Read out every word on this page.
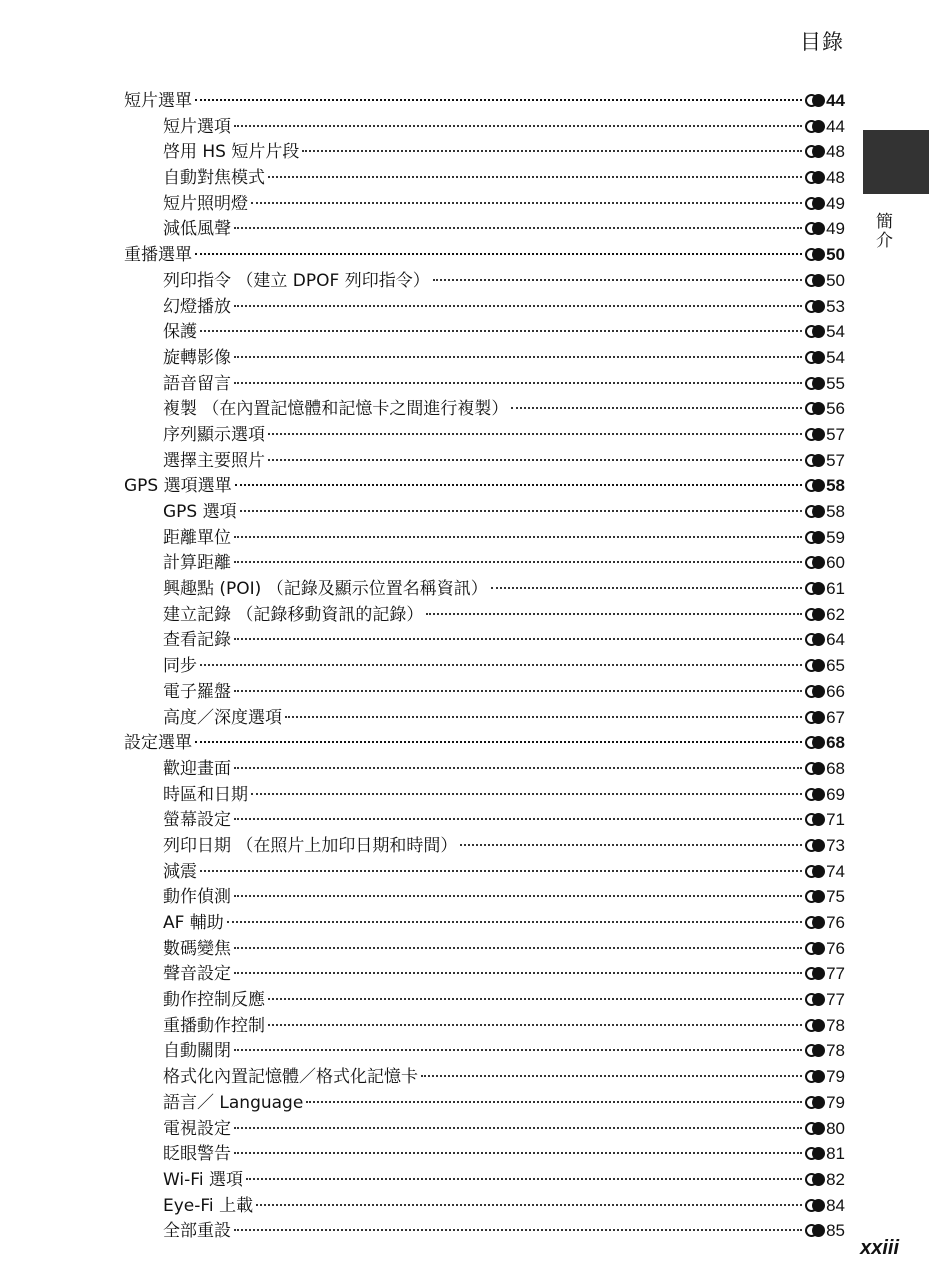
目錄
簡介
短片選單	44
短片選項	44
啓用 HS 短片片段	48
自動對焦模式	48
短片照明燈	49
減低風聲	49
重播選單	50
列印指令 （建立 DPOF 列印指令）	50
幻燈播放	53
保護	54
旋轉影像	54
語音留言	55
複製 （在內置記憶體和記憶卡之間進行複製）	56
序列顯示選項	57
選擇主要照片	57
GPS 選項選單	58
GPS 選項	58
距離單位	59
計算距離	60
興趣點 (POI) （記錄及顯示位置名稱資訊）	61
建立記錄 （記錄移動資訊的記錄）	62
查看記錄	64
同步	65
電子羅盤	66
高度／深度選項	67
設定選單	68
歡迎畫面	68
時區和日期	69
螢幕設定	71
列印日期 （在照片上加印日期和時間）	73
減震	74
動作偵測	75
AF 輔助	76
數碼變焦	76
聲音設定	77
動作控制反應	77
重播動作控制	78
自動關閉	78
格式化內置記憶體／格式化記憶卡	79
語言／ Language	79
電視設定	80
眨眼警告	81
Wi-Fi 選項	82
Eye-Fi 上載	84
全部重設	85
xxiii
